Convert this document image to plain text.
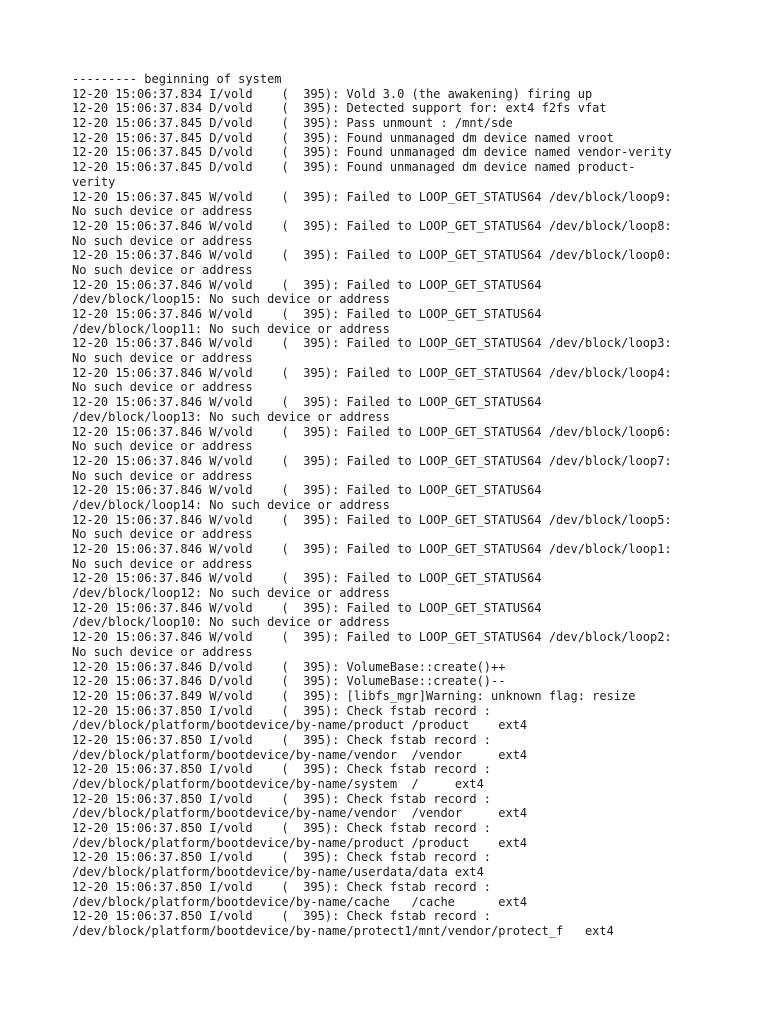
--------- beginning of system
12-20 15:06:37.834 I/vold    (  395): Vold 3.0 (the awakening) firing up
12-20 15:06:37.834 D/vold    (  395): Detected support for: ext4 f2fs vfat
12-20 15:06:37.845 D/vold    (  395): Pass unmount : /mnt/sde
12-20 15:06:37.845 D/vold    (  395): Found unmanaged dm device named vroot
12-20 15:06:37.845 D/vold    (  395): Found unmanaged dm device named vendor-verity
12-20 15:06:37.845 D/vold    (  395): Found unmanaged dm device named product-
verity
12-20 15:06:37.845 W/vold    (  395): Failed to LOOP_GET_STATUS64 /dev/block/loop9:
No such device or address
12-20 15:06:37.846 W/vold    (  395): Failed to LOOP_GET_STATUS64 /dev/block/loop8:
No such device or address
12-20 15:06:37.846 W/vold    (  395): Failed to LOOP_GET_STATUS64 /dev/block/loop0:
No such device or address
12-20 15:06:37.846 W/vold    (  395): Failed to LOOP_GET_STATUS64
/dev/block/loop15: No such device or address
12-20 15:06:37.846 W/vold    (  395): Failed to LOOP_GET_STATUS64
/dev/block/loop11: No such device or address
12-20 15:06:37.846 W/vold    (  395): Failed to LOOP_GET_STATUS64 /dev/block/loop3:
No such device or address
12-20 15:06:37.846 W/vold    (  395): Failed to LOOP_GET_STATUS64 /dev/block/loop4:
No such device or address
12-20 15:06:37.846 W/vold    (  395): Failed to LOOP_GET_STATUS64
/dev/block/loop13: No such device or address
12-20 15:06:37.846 W/vold    (  395): Failed to LOOP_GET_STATUS64 /dev/block/loop6:
No such device or address
12-20 15:06:37.846 W/vold    (  395): Failed to LOOP_GET_STATUS64 /dev/block/loop7:
No such device or address
12-20 15:06:37.846 W/vold    (  395): Failed to LOOP_GET_STATUS64
/dev/block/loop14: No such device or address
12-20 15:06:37.846 W/vold    (  395): Failed to LOOP_GET_STATUS64 /dev/block/loop5:
No such device or address
12-20 15:06:37.846 W/vold    (  395): Failed to LOOP_GET_STATUS64 /dev/block/loop1:
No such device or address
12-20 15:06:37.846 W/vold    (  395): Failed to LOOP_GET_STATUS64
/dev/block/loop12: No such device or address
12-20 15:06:37.846 W/vold    (  395): Failed to LOOP_GET_STATUS64
/dev/block/loop10: No such device or address
12-20 15:06:37.846 W/vold    (  395): Failed to LOOP_GET_STATUS64 /dev/block/loop2:
No such device or address
12-20 15:06:37.846 D/vold    (  395): VolumeBase::create()++
12-20 15:06:37.846 D/vold    (  395): VolumeBase::create()--
12-20 15:06:37.849 W/vold    (  395): [libfs_mgr]Warning: unknown flag: resize
12-20 15:06:37.850 I/vold    (  395): Check fstab record :
/dev/block/platform/bootdevice/by-name/product /product    ext4
12-20 15:06:37.850 I/vold    (  395): Check fstab record :
/dev/block/platform/bootdevice/by-name/vendor  /vendor     ext4
12-20 15:06:37.850 I/vold    (  395): Check fstab record :
/dev/block/platform/bootdevice/by-name/system  /     ext4
12-20 15:06:37.850 I/vold    (  395): Check fstab record :
/dev/block/platform/bootdevice/by-name/vendor  /vendor     ext4
12-20 15:06:37.850 I/vold    (  395): Check fstab record :
/dev/block/platform/bootdevice/by-name/product /product    ext4
12-20 15:06:37.850 I/vold    (  395): Check fstab record :
/dev/block/platform/bootdevice/by-name/userdata/data ext4
12-20 15:06:37.850 I/vold    (  395): Check fstab record :
/dev/block/platform/bootdevice/by-name/cache   /cache      ext4
12-20 15:06:37.850 I/vold    (  395): Check fstab record :
/dev/block/platform/bootdevice/by-name/protect1/mnt/vendor/protect_f   ext4
